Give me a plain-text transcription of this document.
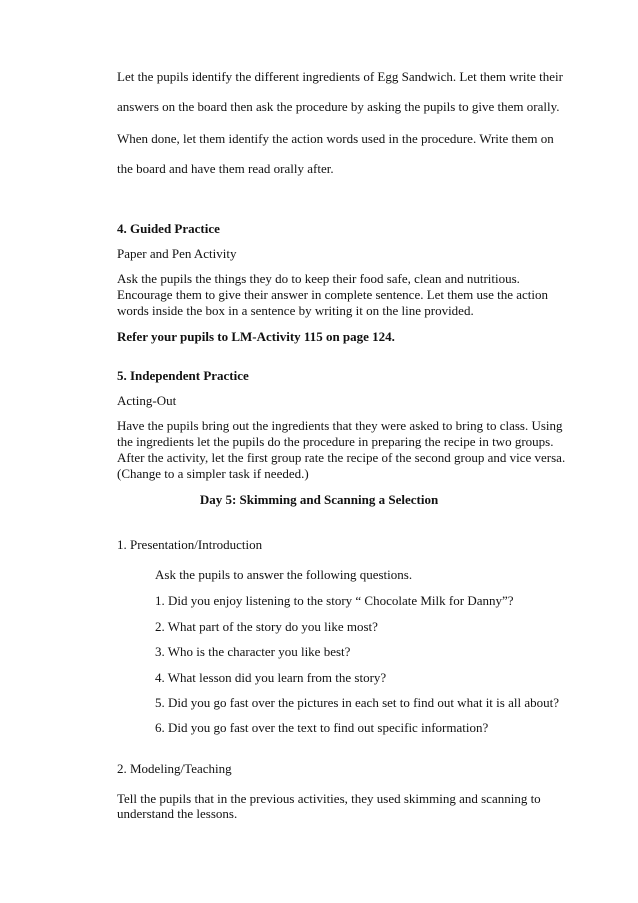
Let the pupils identify the different ingredients of Egg Sandwich. Let them write their
answers on the board then ask the procedure by asking the pupils to give them orally.
When done, let them identify the action words used in the procedure. Write them on
the board and have them read orally after.
4. Guided Practice
Paper and Pen Activity
Ask the pupils the things they do to keep their food safe, clean and nutritious.
Encourage them to give their answer in complete sentence. Let them use the action
words inside the box in a sentence by writing it on the line provided.
Refer your pupils to LM-Activity 115 on page 124.
5. Independent Practice
Acting-Out
Have the pupils bring out the ingredients that they were asked to bring to class. Using
the ingredients let the pupils do the procedure in preparing the recipe in two groups.
After the activity, let the first group rate the recipe of the second group and vice versa.
(Change to a simpler task if needed.)
Day 5: Skimming and Scanning a Selection
1. Presentation/Introduction
Ask the pupils to answer the following questions.
1. Did you enjoy listening to the story “ Chocolate Milk for Danny”?
2. What part of the story do you like most?
3. Who is the character you like best?
4. What lesson did you learn from the story?
5. Did you go fast over the pictures in each set to find out what it is all about?
6. Did you go fast over the text to find out specific information?
2. Modeling/Teaching
Tell the pupils that in the previous activities, they used skimming and scanning to
understand the lessons.
